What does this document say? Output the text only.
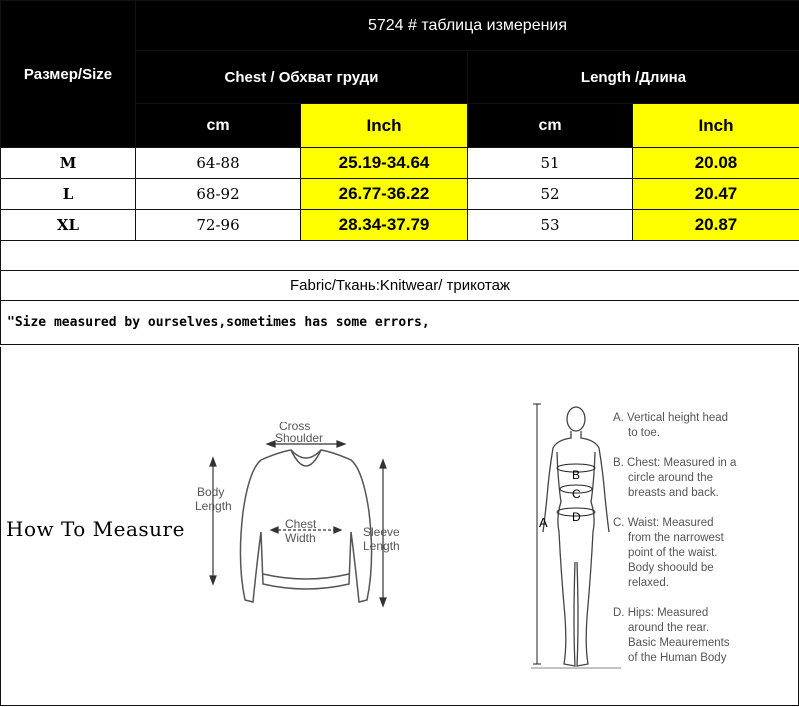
Размер/Size	5724 # таблица измерения			
	Chest / Обхват груди		Length /Длина	
	cm	Inch	cm	Inch
M	64-88	25.19-34.64	51	20.08
L	68-92	26.77-36.22	52	20.47
XL	72-96	28.34-37.79	53	20.87

Fabric/Ткань:Knitwear/ трикотаж				
"Size measured by ourselves,sometimes has some errors,				
How To Measure
Cross
Shoulder
Body
Length
Chest
Width	Sleeve
Length
A
B
C
D
A. Vertical height head
to toe.
B. Chest: Measured in a
circle around the
breasts and back.
C. Waist: Measured
from the narrowest
point of the waist.
Body shoould be
relaxed.
D. Hips: Measured
around the rear.
Basic Meaurements
of the Human Body
